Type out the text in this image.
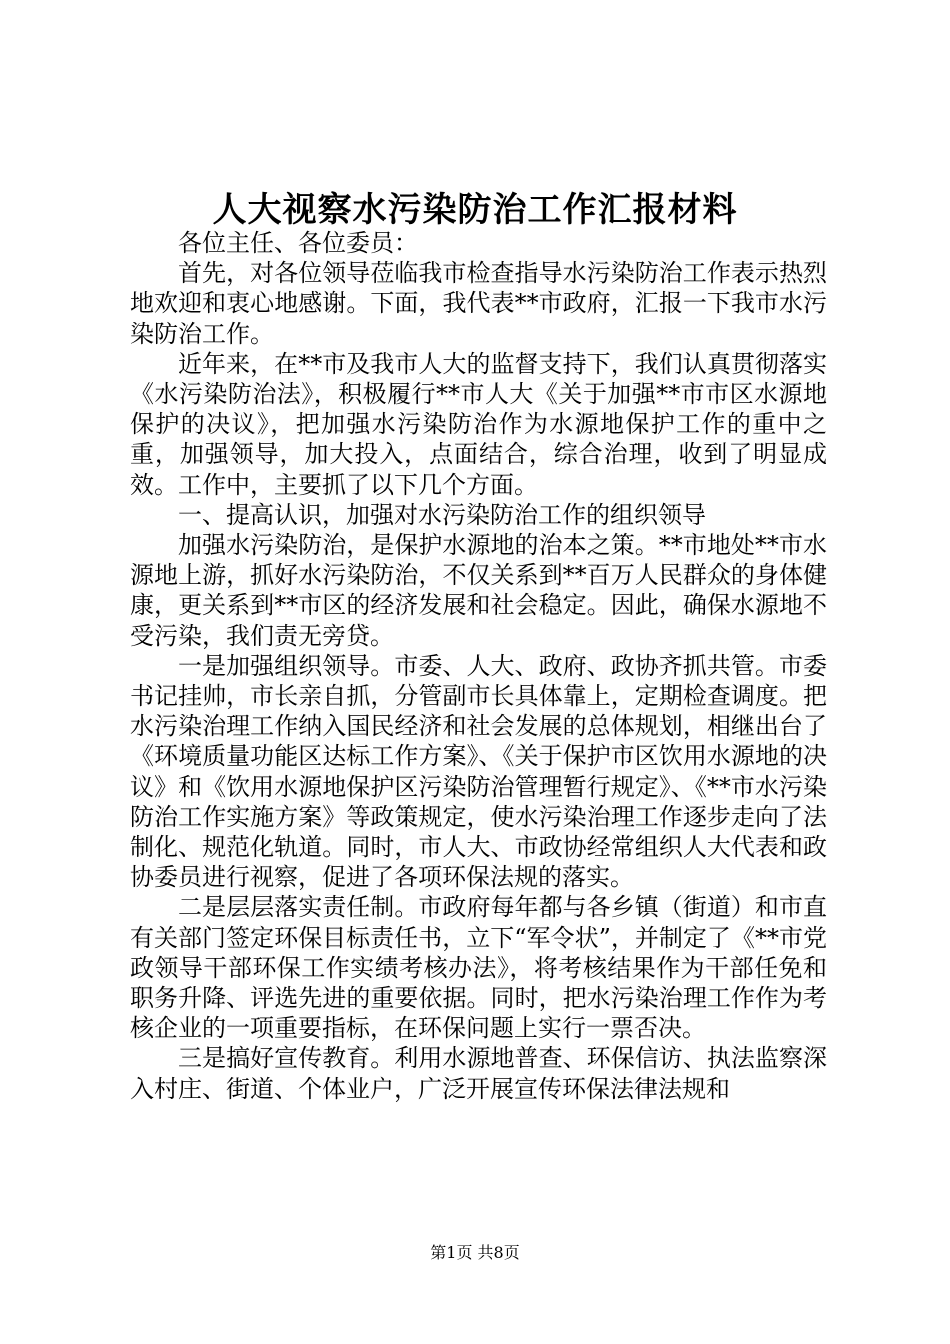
人大视察水污染防治工作汇报材料

各位主任、各位委员：

首先，对各位领导莅临我市检查指导水污染防治工作表示热烈地欢迎和衷心地感谢。下面，我代表**市政府，汇报一下我市水污染防治工作。

近年来，在**市及我市人大的监督支持下，我们认真贯彻落实《水污染防治法》，积极履行**市人大《关于加强**市市区水源地保护的决议》，把加强水污染防治作为水源地保护工作的重中之重，加强领导，加大投入，点面结合，综合治理，收到了明显成效。工作中，主要抓了以下几个方面。

一、提高认识，加强对水污染防治工作的组织领导

加强水污染防治，是保护水源地的治本之策。**市地处**市水源地上游，抓好水污染防治，不仅关系到**百万人民群众的身体健康，更关系到**市区的经济发展和社会稳定。因此，确保水源地不受污染，我们责无旁贷。

一是加强组织领导。市委、人大、政府、政协齐抓共管。市委书记挂帅，市长亲自抓，分管副市长具体靠上，定期检查调度。把水污染治理工作纳入国民经济和社会发展的总体规划，相继出台了《环境质量功能区达标工作方案》、《关于保护市区饮用水源地的决议》和《饮用水源地保护区污染防治管理暂行规定》、《**市水污染防治工作实施方案》等政策规定，使水污染治理工作逐步走向了法制化、规范化轨道。同时，市人大、市政协经常组织人大代表和政协委员进行视察，促进了各项环保法规的落实。

二是层层落实责任制。市政府每年都与各乡镇（街道）和市直有关部门签定环保目标责任书，立下“军令状”，并制定了《**市党政领导干部环保工作实绩考核办法》，将考核结果作为干部任免和职务升降、评选先进的重要依据。同时，把水污染治理工作作为考核企业的一项重要指标，在环保问题上实行一票否决。

三是搞好宣传教育。利用水源地普查、环保信访、执法监察深入村庄、街道、个体业户，广泛开展宣传环保法律法规和

第1页 共8页
